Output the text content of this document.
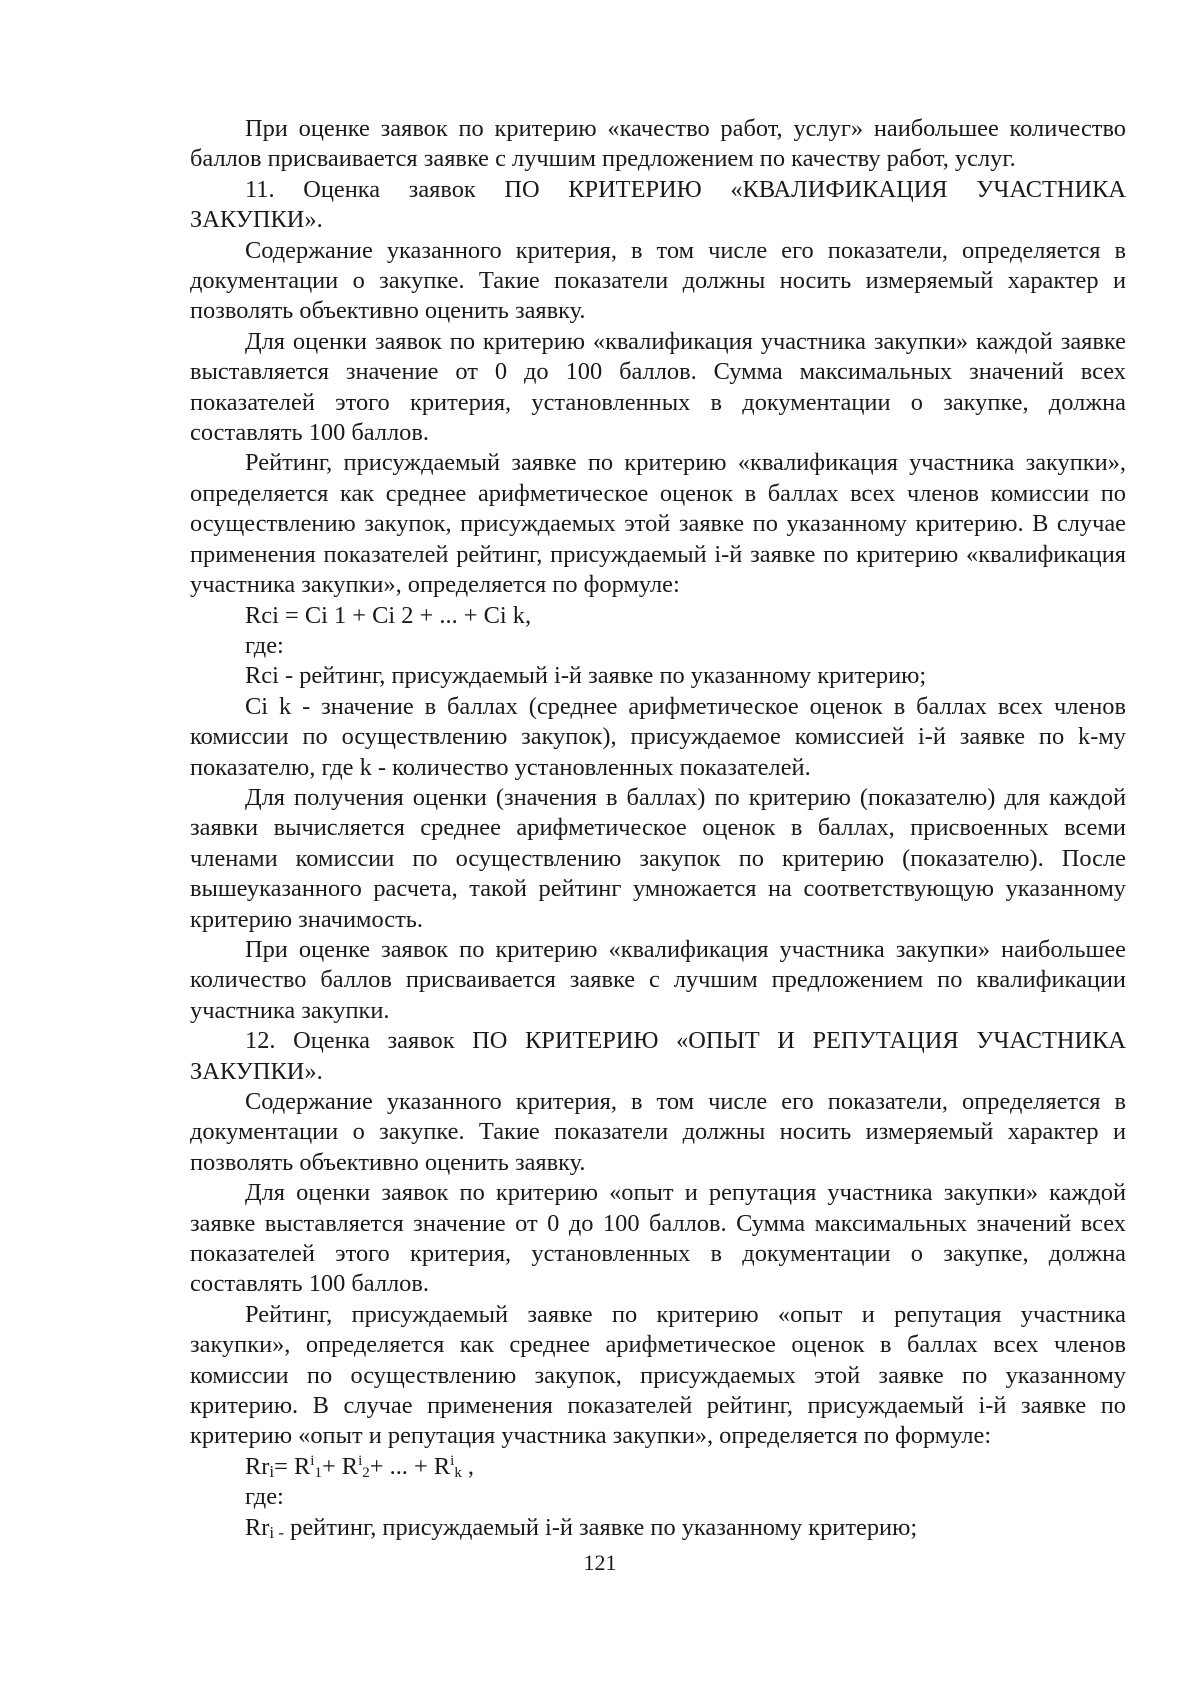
При оценке заявок по критерию «качество работ, услуг» наибольшее количество баллов присваивается заявке с лучшим предложением по качеству работ, услуг.

11. Оценка заявок ПО КРИТЕРИЮ «КВАЛИФИКАЦИЯ УЧАСТНИКА ЗАКУПКИ».

Содержание указанного критерия, в том числе его показатели, определяется в документации о закупке. Такие показатели должны носить измеряемый характер и позволять объективно оценить заявку.

Для оценки заявок по критерию «квалификация участника закупки» каждой заявке выставляется значение от 0 до 100 баллов. Сумма максимальных значений всех показателей этого критерия, установленных в документации о закупке, должна составлять 100 баллов.

Рейтинг, присуждаемый заявке по критерию «квалификация участника закупки», определяется как среднее арифметическое оценок в баллах всех членов комиссии по осуществлению закупок, присуждаемых этой заявке по указанному критерию. В случае применения показателей рейтинг, присуждаемый i-й заявке по критерию «квалификация участника закупки», определяется по формуле:

Rci = Ci 1 + Ci 2 + ... + Ci k,

где:

Rci - рейтинг, присуждаемый i-й заявке по указанному критерию;

Ci k - значение в баллах (среднее арифметическое оценок в баллах всех членов комиссии по осуществлению закупок), присуждаемое комиссией i-й заявке по k-му показателю, где k - количество установленных показателей.

Для получения оценки (значения в баллах) по критерию (показателю) для каждой заявки вычисляется среднее арифметическое оценок в баллах, присвоенных всеми членами комиссии по осуществлению закупок по критерию (показателю). После вышеуказанного расчета, такой рейтинг умножается на соответствующую указанному критерию значимость.

При оценке заявок по критерию «квалификация участника закупки» наибольшее количество баллов присваивается заявке с лучшим предложением по квалификации участника закупки.

12. Оценка заявок ПО КРИТЕРИЮ «ОПЫТ И РЕПУТАЦИЯ УЧАСТНИКА ЗАКУПКИ».

Содержание указанного критерия, в том числе его показатели, определяется в документации о закупке. Такие показатели должны носить измеряемый характер и позволять объективно оценить заявку.

Для оценки заявок по критерию «опыт и репутация участника закупки» каждой заявке выставляется значение от 0 до 100 баллов. Сумма максимальных значений всех показателей этого критерия, установленных в документации о закупке, должна составлять 100 баллов.

Рейтинг, присуждаемый заявке по критерию «опыт и репутация участника закупки», определяется как среднее арифметическое оценок в баллах всех членов комиссии по осуществлению закупок, присуждаемых этой заявке по указанному критерию. В случае применения показателей рейтинг, присуждаемый i-й заявке по критерию «опыт и репутация участника закупки», определяется по формуле:

$Rri= R^i_1+ R^i_2+$ ... + $R^i_k$ ,

где:

Rri - рейтинг, присуждаемый i-й заявке по указанному критерию;

121
